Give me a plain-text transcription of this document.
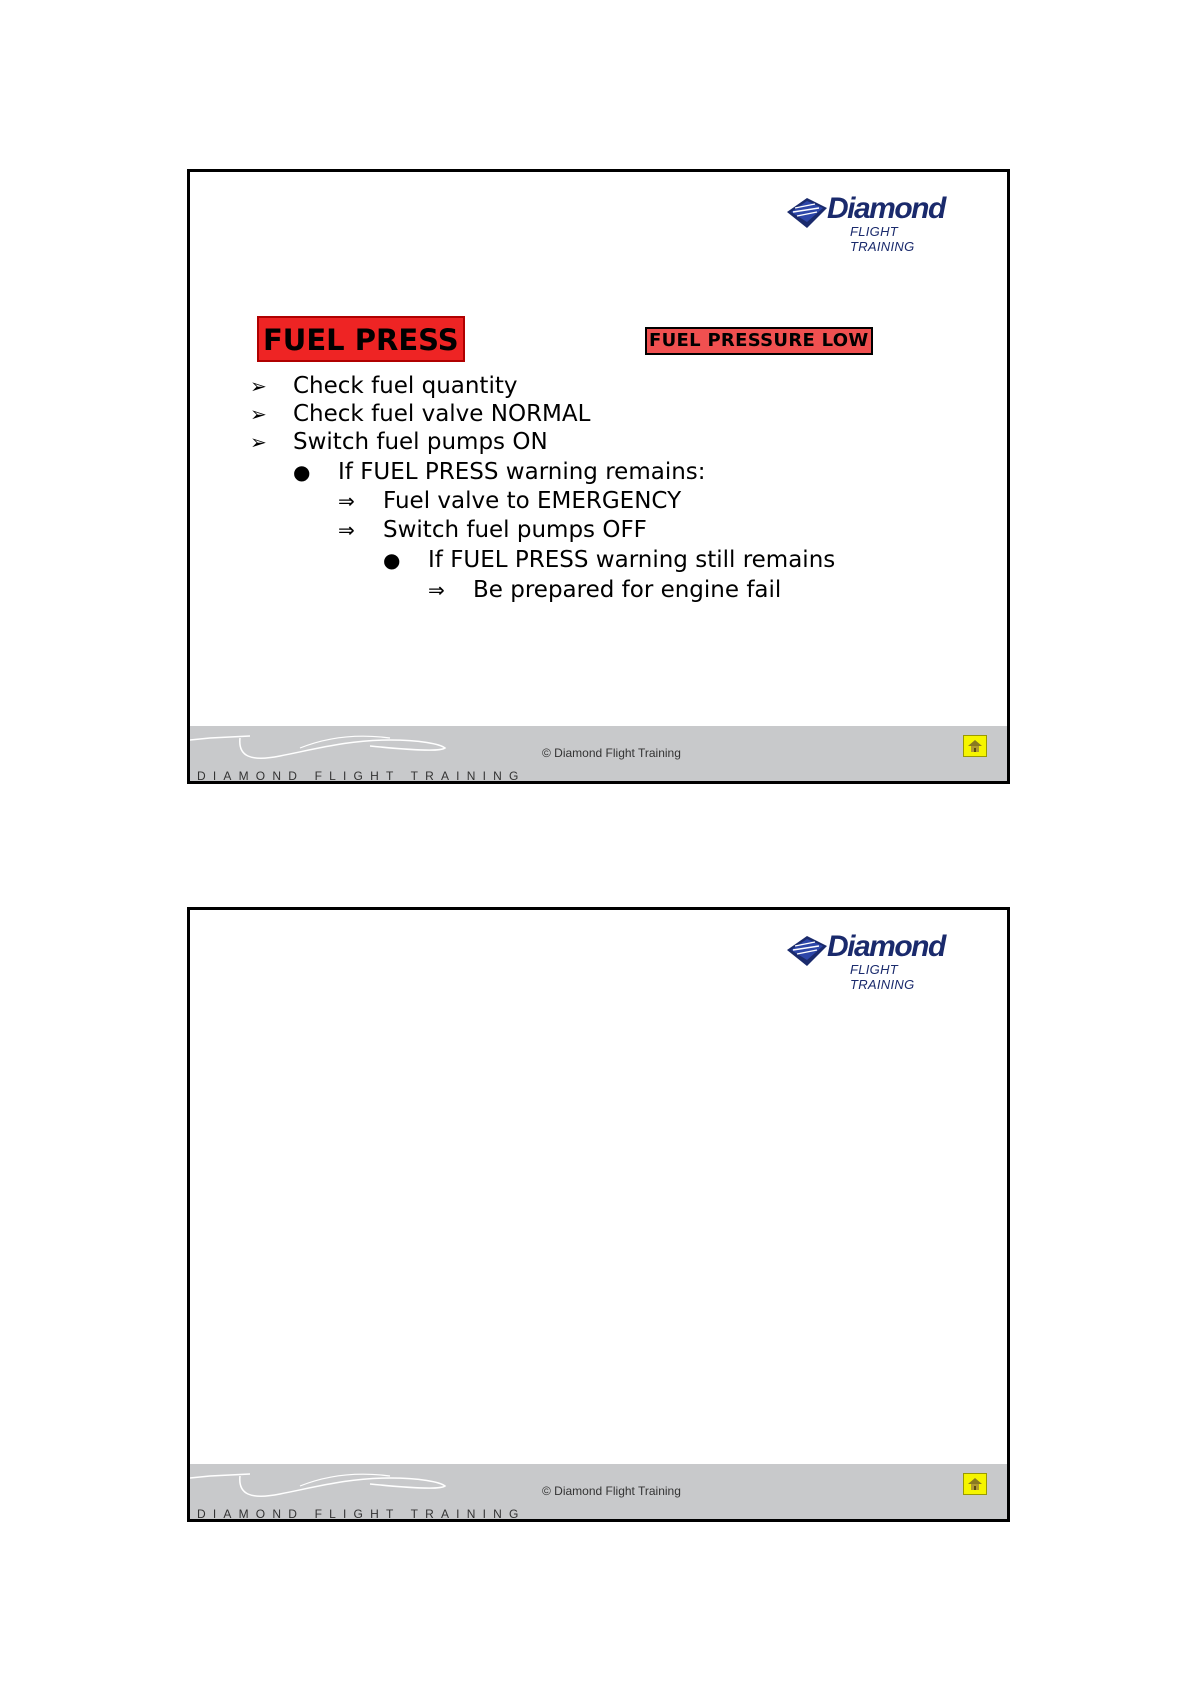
Diamond
FLIGHT TRAINING
FUEL PRESS	FUEL PRESSURE LOW
➢ Check fuel quantity
➢ Check fuel valve NORMAL
➢ Switch fuel pumps ON
● If FUEL PRESS warning remains:
⇒ Fuel valve to EMERGENCY
⇒ Switch fuel pumps OFF
● If FUEL PRESS warning still remains
⇒ Be prepared for engine fail
DIAMOND FLIGHT TRAINING
© Diamond Flight Training
Diamond
FLIGHT TRAINING
DIAMOND FLIGHT TRAINING
© Diamond Flight Training
